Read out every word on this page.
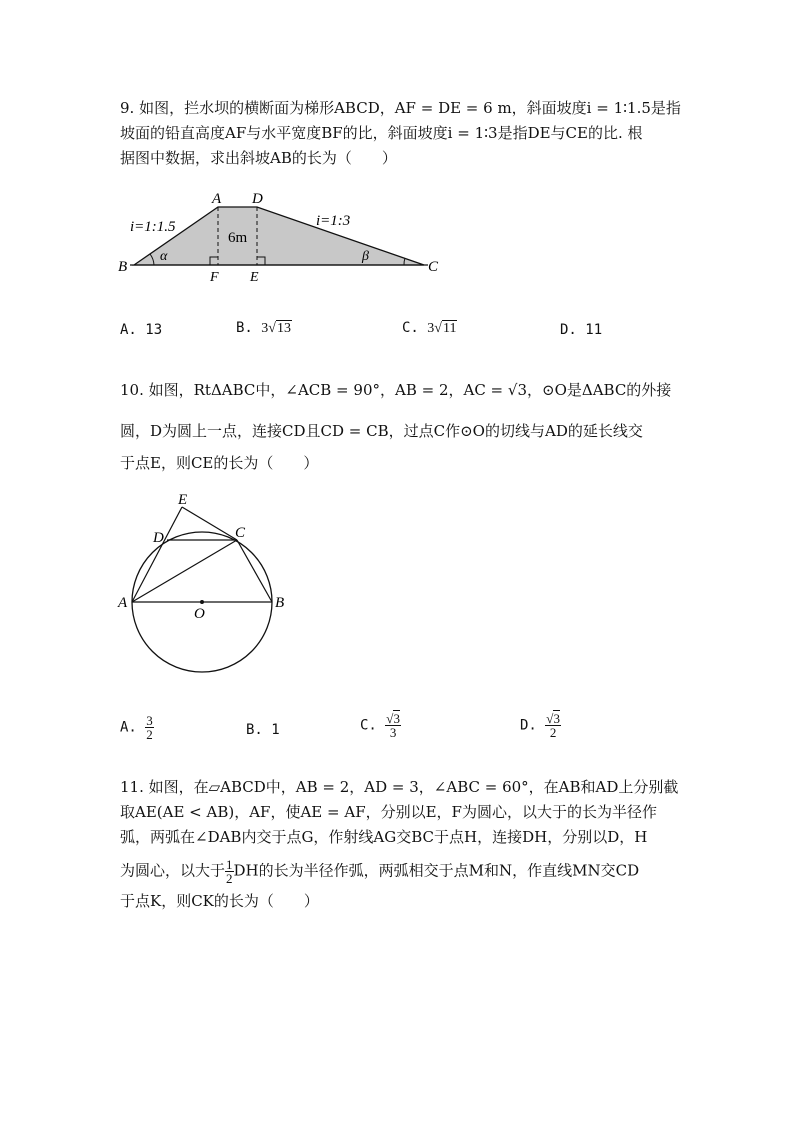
9. 如图，拦水坝的横断面为梯形ABCD，AF = DE = 6 m，斜面坡度i = 1∶1.5是指
坡面的铅直高度AF与水平宽度BF的比，斜面坡度i = 1∶3是指DE与CE的比. 根
据图中数据，求出斜坡AB的长为（　　）
A D
B	C
F E
i=1:1.5	i=1:3
6m
α	β
A. 13	B. 3√13	C. 3√11	D. 11
10. 如图，RtΔABC中，∠ACB = 90°，AB = 2，AC = √3，⊙O是ΔABC的外接
圆，D为圆上一点，连接CD且CD = CB，过点C作⊙O的切线与AD的延长线交
于点E，则CE的长为（　　）
E
D	C
A	B
O
A. $\frac{3}{2}$	B. 1	C. $\frac{√3}{3}$	D. $\frac{√3}{2}$
11. 如图，在▱ABCD中，AB = 2，AD = 3，∠ABC = 60°，在AB和AD上分别截
取AE(AE < AB)，AF，使AE = AF，分别以E，F为圆心，以大于的长为半径作
弧，两弧在∠DAB内交于点G，作射线AG交BC于点H，连接DH，分别以D，H
为圆心，以大于 $\frac{1}{2}$ DH的长为半径作弧，两弧相交于点M和N，作直线MN交CD
于点K，则CK的长为（　　）
